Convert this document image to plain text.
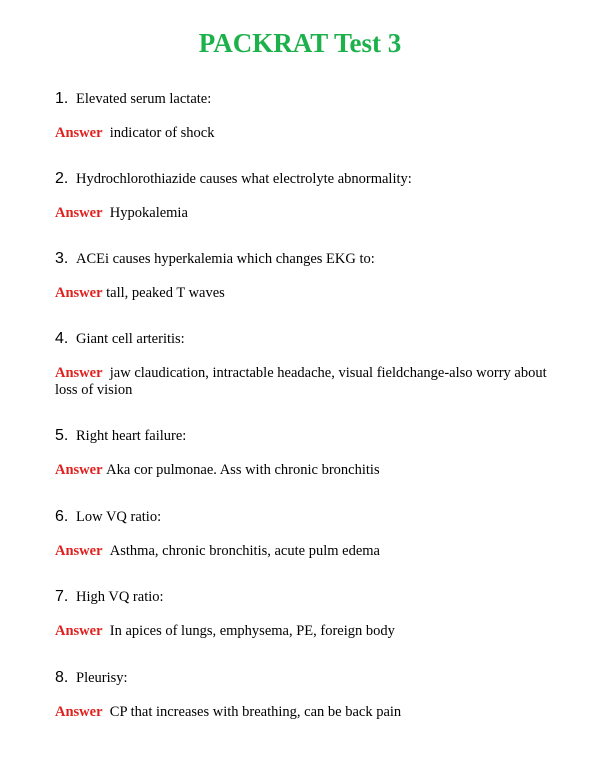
PACKRAT Test 3
1. Elevated serum lactate:
Answer indicator of shock
2. Hydrochlorothiazide causes what electrolyte abnormality:
Answer Hypokalemia
3. ACEi causes hyperkalemia which changes EKG to:
Answer tall, peaked T waves
4. Giant cell arteritis:
Answer jaw claudication, intractable headache, visual fieldchange-also worry about loss of vision
5. Right heart failure:
Answer Aka cor pulmonae. Ass with chronic bronchitis
6. Low VQ ratio:
Answer Asthma, chronic bronchitis, acute pulm edema
7. High VQ ratio:
Answer In apices of lungs, emphysema, PE, foreign body
8. Pleurisy:
Answer CP that increases with breathing, can be back pain
